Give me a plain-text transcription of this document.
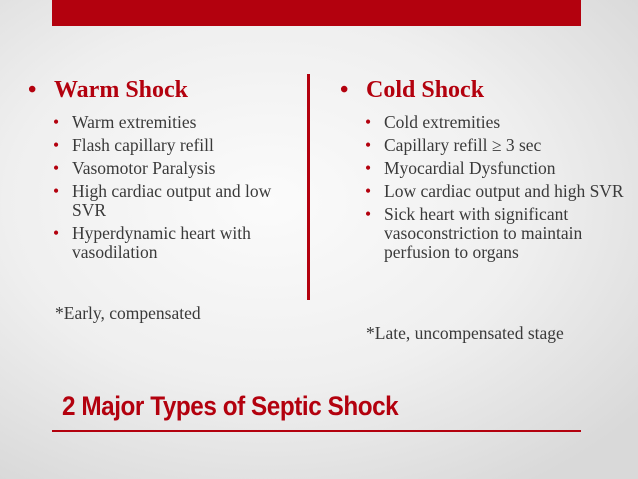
• Warm Shock
• Warm extremities
• Flash capillary refill
• Vasomotor Paralysis
• High cardiac output and low SVR
• Hyperdynamic heart with vasodilation
*Early, compensated
• Cold Shock
• Cold extremities
• Capillary refill ≥ 3 sec
• Myocardial Dysfunction
• Low cardiac output and high SVR
• Sick heart with significant vasoconstriction to maintain perfusion to organs
*Late, uncompensated stage
2 Major Types of Septic Shock
